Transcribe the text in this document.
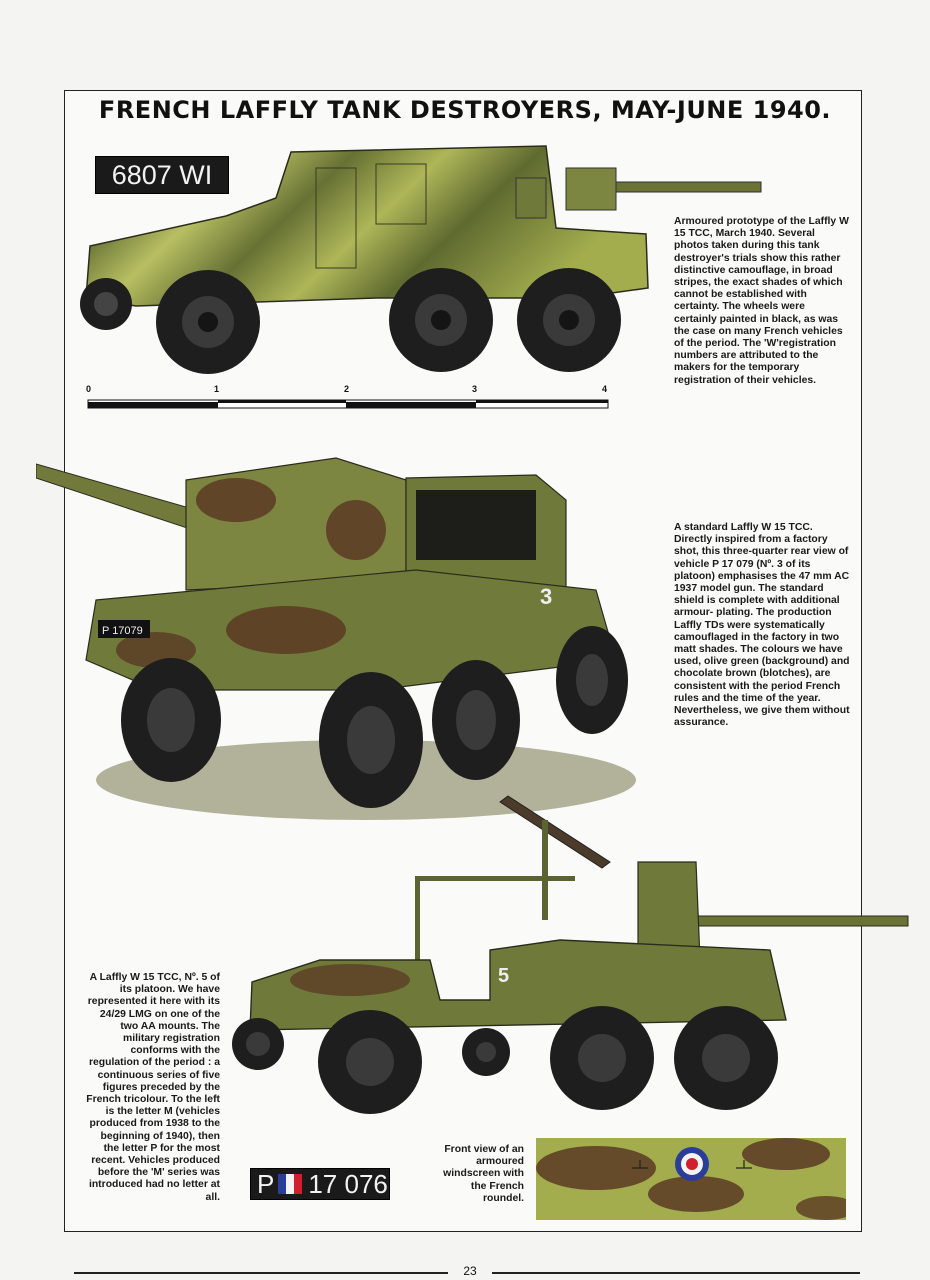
FRENCH LAFFLY TANK DESTROYERS, MAY-JUNE 1940.
6807 WI
Armoured prototype of the Laffly W 15 TCC, March 1940. Several photos taken during this tank destroyer's trials show this rather distinctive camouflage, in broad stripes, the exact shades of which cannot be established with certainty. The wheels were certainly painted in black, as was the case on many French vehicles of the period. The 'W'registration numbers are attributed to the makers for the temporary registration of their vehicles.
0	1	2	3	4
P 17079
3
A standard Laffly W 15 TCC. Directly inspired from a factory shot, this three-quarter rear view of vehicle P 17 079 (Nº. 3 of its platoon) emphasises the 47 mm AC 1937 model gun. The standard shield is complete with additional armour- plating. The production Laffly TDs were systematically camouflaged in the factory in two matt shades. The colours we have used, olive green (background) and chocolate brown (blotches), are consistent with the period French rules and the time of the year. Nevertheless, we give them without assurance.
5
A Laffly W 15 TCC, Nº. 5 of its platoon. We have represented it here with its 24/29 LMG on one of the two AA mounts. The military registration conforms with the regulation of the period : a continuous series of five figures preceded by the French tricolour. To the left is the letter M (vehicles produced from 1938 to the beginning of 1940), then the letter P for the most recent. Vehicles produced before the 'M' series was introduced had no letter at all. P 17 076
Front view of an armoured windscreen with the French roundel.
23
